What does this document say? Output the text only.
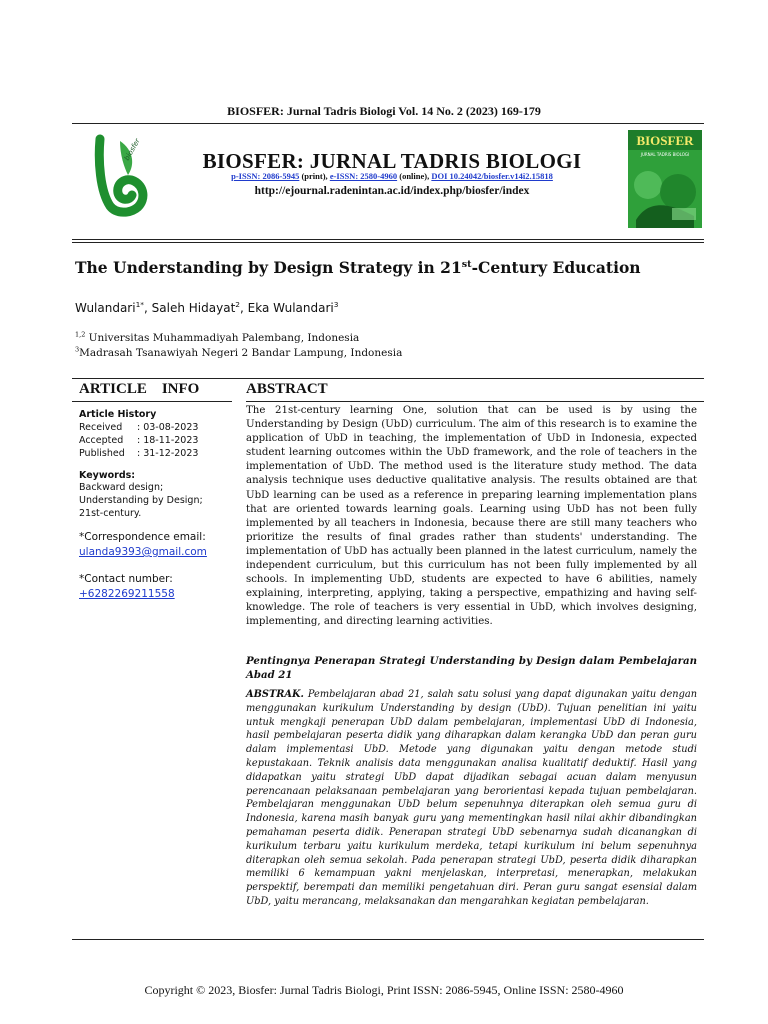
BIOSFER: Jurnal Tadris Biologi Vol. 14 No. 2 (2023) 169-179
biosfer	BIOSFER: JURNAL TADRIS BIOLOGI
p-ISSN: 2086-5945 (print), e-ISSN: 2580-4960 (online), DOI 10.24042/biosfer.v14i2.15818
http://ejournal.radenintan.ac.id/index.php/biosfer/index
BIOSFER
JURNAL TADRIS BIOLOGI
The Understanding by Design Strategy in 21st-Century Education
Wulandari$^{1*}$, Saleh Hidayat$^2$, Eka Wulandari$^3$
$^{1,2}$ Universitas Muhammadiyah Palembang, Indonesia
$^3$Madrasah Tsanawiyah Negeri 2 Bandar Lampung, Indonesia
ARTICLE    INFO	ABSTRACT
Article History
Received	: 03-08-2023
Accepted	: 18-11-2023
Published	: 31-12-2023
Keywords:
Backward design;
Understanding by Design;
21st-century.
*Correspondence email:
ulanda9393@gmail.com
*Contact number:
+6282269211558
The 21st-century learning One, solution that can be used is by using the Understanding by Design (UbD) curriculum. The aim of this research is to examine the application of UbD in teaching, the implementation of UbD in Indonesia, expected student learning outcomes within the UbD framework, and the role of teachers in the implementation of UbD. The method used is the literature study method. The data analysis technique uses deductive qualitative analysis. The results obtained are that UbD learning can be used as a reference in preparing learning implementation plans that are oriented towards learning goals. Learning using UbD has not been fully implemented by all teachers in Indonesia, because there are still many teachers who prioritize the results of final grades rather than students' understanding. The implementation of UbD has actually been planned in the latest curriculum, namely the independent curriculum, but this curriculum has not been fully implemented by all schools. In implementing UbD, students are expected to have 6 abilities, namely explaining, interpreting, applying, taking a perspective, empathizing and having self-knowledge. The role of teachers is very essential in UbD, which involves designing, implementing, and directing learning activities.
Pentingnya Penerapan Strategi Understanding by Design dalam Pembelajaran Abad 21
ABSTRAK. Pembelajaran abad 21, salah satu solusi yang dapat digunakan yaitu dengan menggunakan kurikulum Understanding by design (UbD). Tujuan penelitian ini yaitu untuk mengkaji penerapan UbD dalam pembelajaran, implementasi UbD di Indonesia, hasil pembelajaran peserta didik yang diharapkan dalam kerangka UbD dan peran guru dalam implementasi UbD. Metode yang digunakan yaitu dengan metode studi kepustakaan. Teknik analisis data menggunakan analisa kualitatif deduktif. Hasil yang didapatkan yaitu strategi UbD dapat dijadikan sebagai acuan dalam menyusun perencanaan pelaksanaan pembelajaran yang berorientasi kepada tujuan pembelajaran. Pembelajaran menggunakan UbD belum sepenuhnya diterapkan oleh semua guru di Indonesia, karena masih banyak guru yang mementingkan hasil nilai akhir dibandingkan pemahaman peserta didik. Penerapan strategi UbD sebenarnya sudah dicanangkan di kurikulum terbaru yaitu kurikulum merdeka, tetapi kurikulum ini belum sepenuhnya diterapkan oleh semua sekolah. Pada penerapan strategi UbD, peserta didik diharapkan memiliki 6 kemampuan yakni menjelaskan, interpretasi, menerapkan, melakukan perspektif, berempati dan memiliki pengetahuan diri. Peran guru sangat esensial dalam UbD, yaitu merancang, melaksanakan dan mengarahkan kegiatan pembelajaran.
Copyright © 2023, Biosfer: Jurnal Tadris Biologi, Print ISSN: 2086-5945, Online ISSN: 2580-4960
